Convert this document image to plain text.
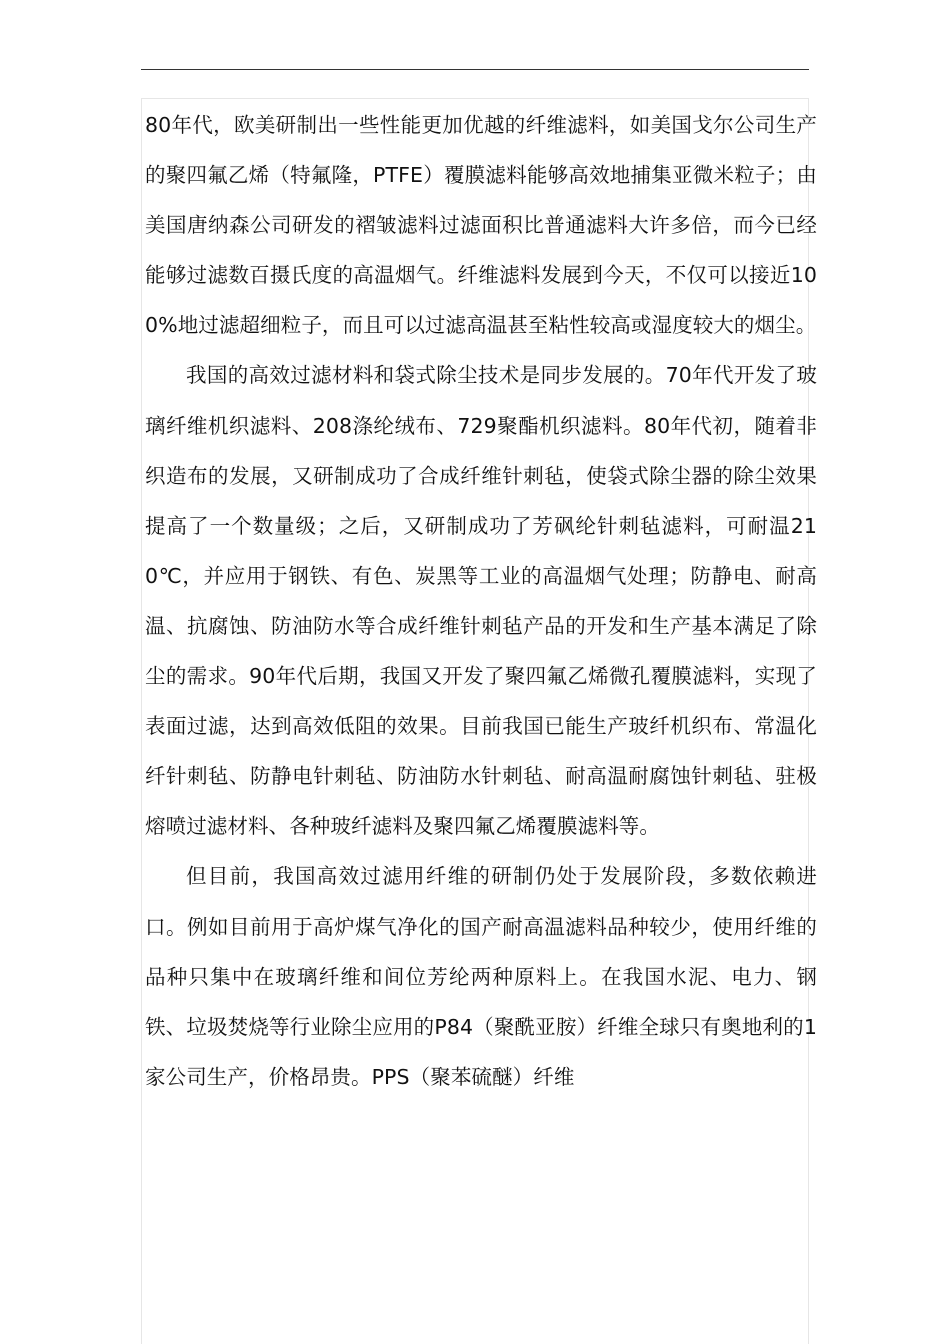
80年代，欧美研制出一些性能更加优越的纤维滤料，如美国戈尔公司生产的聚四氟乙烯（特氟隆，PTFE）覆膜滤料能够高效地捕集亚微米粒子；由美国唐纳森公司研发的褶皱滤料过滤面积比普通滤料大许多倍，而今已经能够过滤数百摄氏度的高温烟气。纤维滤料发展到今天，不仅可以接近100%地过滤超细粒子，而且可以过滤高温甚至粘性较高或湿度较大的烟尘。

我国的高效过滤材料和袋式除尘技术是同步发展的。70年代开发了玻璃纤维机织滤料、208涤纶绒布、729聚酯机织滤料。80年代初，随着非织造布的发展，又研制成功了合成纤维针刺毡，使袋式除尘器的除尘效果提高了一个数量级；之后，又研制成功了芳砜纶针刺毡滤料，可耐温210℃，并应用于钢铁、有色、炭黑等工业的高温烟气处理；防静电、耐高温、抗腐蚀、防油防水等合成纤维针刺毡产品的开发和生产基本满足了除尘的需求。90年代后期，我国又开发了聚四氟乙烯微孔覆膜滤料，实现了表面过滤，达到高效低阻的效果。目前我国已能生产玻纤机织布、常温化纤针刺毡、防静电针刺毡、防油防水针刺毡、耐高温耐腐蚀针刺毡、驻极熔喷过滤材料、各种玻纤滤料及聚四氟乙烯覆膜滤料等。

但目前，我国高效过滤用纤维的研制仍处于发展阶段，多数依赖进口。例如目前用于高炉煤气净化的国产耐高温滤料品种较少，使用纤维的品种只集中在玻璃纤维和间位芳纶两种原料上。在我国水泥、电力、钢铁、垃圾焚烧等行业除尘应用的P84（聚酰亚胺）纤维全球只有奥地利的1家公司生产，价格昂贵。PPS（聚苯硫醚）纤维
